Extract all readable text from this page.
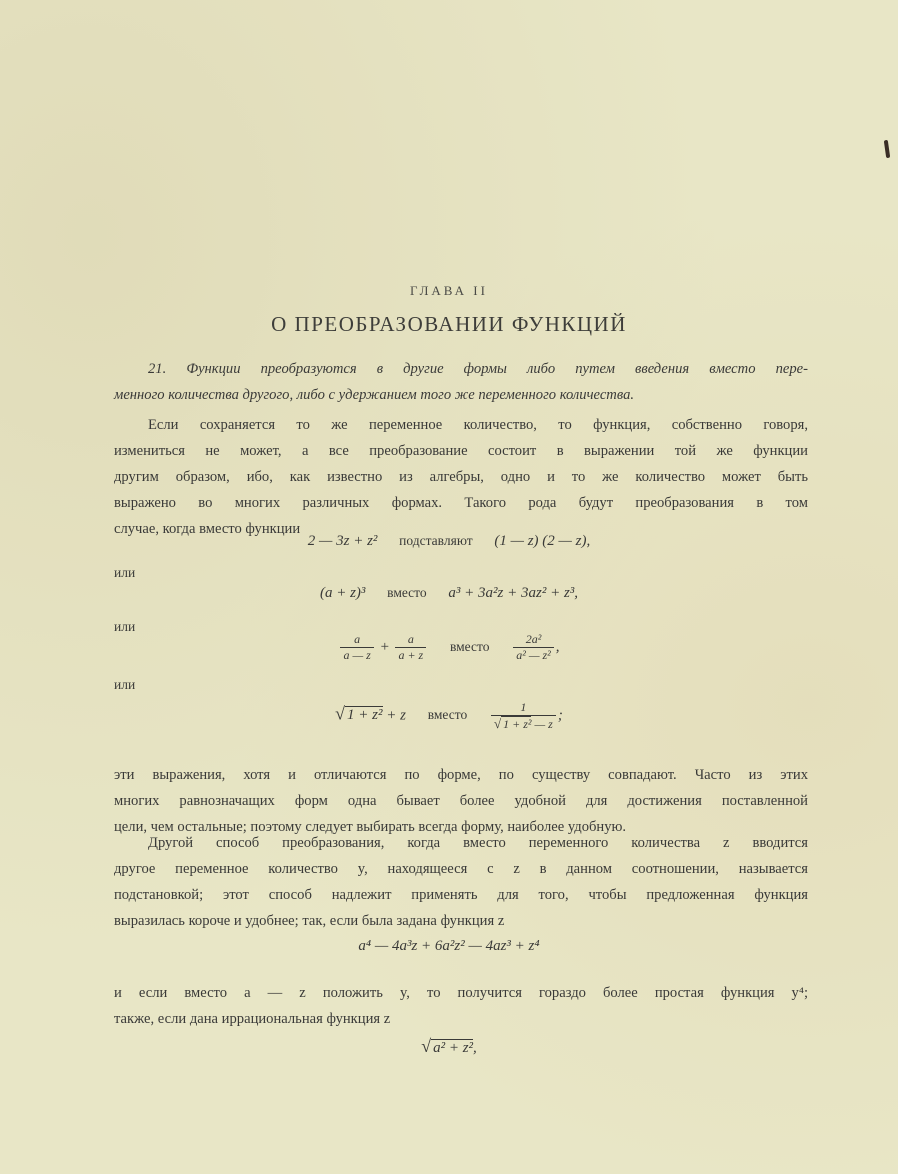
ГЛАВА II
О ПРЕОБРАЗОВАНИИ ФУНКЦИЙ
21. Функции преобразуются в другие формы либо путем введения вместо пере-
менного количества другого, либо с удержанием того же переменного количества.
Если сохраняется то же переменное количество, то функция, собственно говоря,
измениться не может, а все преобразование состоит в выражении той же функции
другим образом, ибо, как известно из алгебры, одно и то же количество может быть
выражено во многих различных формах. Такого рода будут преобразования в том
случае, когда вместо функции
2 — 3z + z² подставляют (1 — z) (2 — z),
или
(a + z)³ вместо a³ + 3a²z + 3az² + z³,
или
$\frac{a}{a — z} + \frac{a}{a + z}$ вместо $\frac{\text{2a²}}{\text{a² — z²}}$ ,
или
√ 1 + z² + z вместо $\frac{1}{\text{√ 1 + z² — z}}$ ;
эти выражения, хотя и отличаются по форме, по существу совпадают. Часто из этих
многих равнозначащих форм одна бывает более удобной для достижения поставленной
цели, чем остальные; поэтому следует выбирать всегда форму, наиболее удобную.
Другой способ преобразования, когда вместо переменного количества z вводится
другое переменное количество y, находящееся с z в данном соотношении, называется
подстановкой; этот способ надлежит применять для того, чтобы предложенная функция
выразилась короче и удобнее; так, если была задана функция z
a⁴ — 4a³z + 6a²z² — 4az³ + z⁴
и если вместо a — z положить y, то получится гораздо более простая функция y⁴;
также, если дана иррациональная функция z
√ a² + z²,
